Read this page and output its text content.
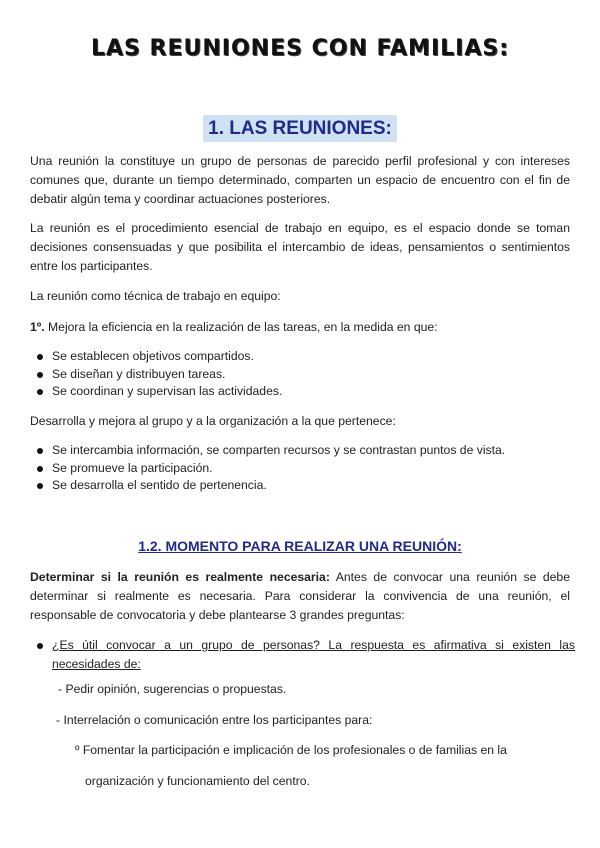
LAS REUNIONES CON FAMILIAS:
1. LAS REUNIONES:

Una reunión la constituye un grupo de personas de parecido perfil profesional y con intereses comunes que, durante un tiempo determinado, comparten un espacio de encuentro con el fin de debatir algún tema y coordinar actuaciones posteriores.

La reunión es el procedimiento esencial de trabajo en equipo, es el espacio donde se toman decisiones consensuadas y que posibilita el intercambio de ideas, pensamientos o sentimientos entre los participantes.

La reunión como técnica de trabajo en equipo:

1º. Mejora la eficiencia en la realización de las tareas, en la medida en que:

Se establecen objetivos compartidos.
Se diseñan y distribuyen tareas.
Se coordinan y supervisan las actividades.

Desarrolla y mejora al grupo y a la organización a la que pertenece:

Se intercambia información, se comparten recursos y se contrastan puntos de vista.
Se promueve la participación.
Se desarrolla el sentido de pertenencia.
1.2. MOMENTO PARA REALIZAR UNA REUNIÓN:

Determinar si la reunión es realmente necesaria: Antes de convocar una reunión se debe determinar si realmente es necesaria. Para considerar la convivencia de una reunión, el responsable de convocatoria y debe plantearse 3 grandes preguntas:

¿Es útil convocar a un grupo de personas? La respuesta es afirmativa si existen las necesidades de:

- Pedir opinión, sugerencias o propuestas.

- Interrelación o comunicación entre los participantes para:

º Fomentar la participación e implicación de los profesionales o de familias en la

organización y funcionamiento del centro.
